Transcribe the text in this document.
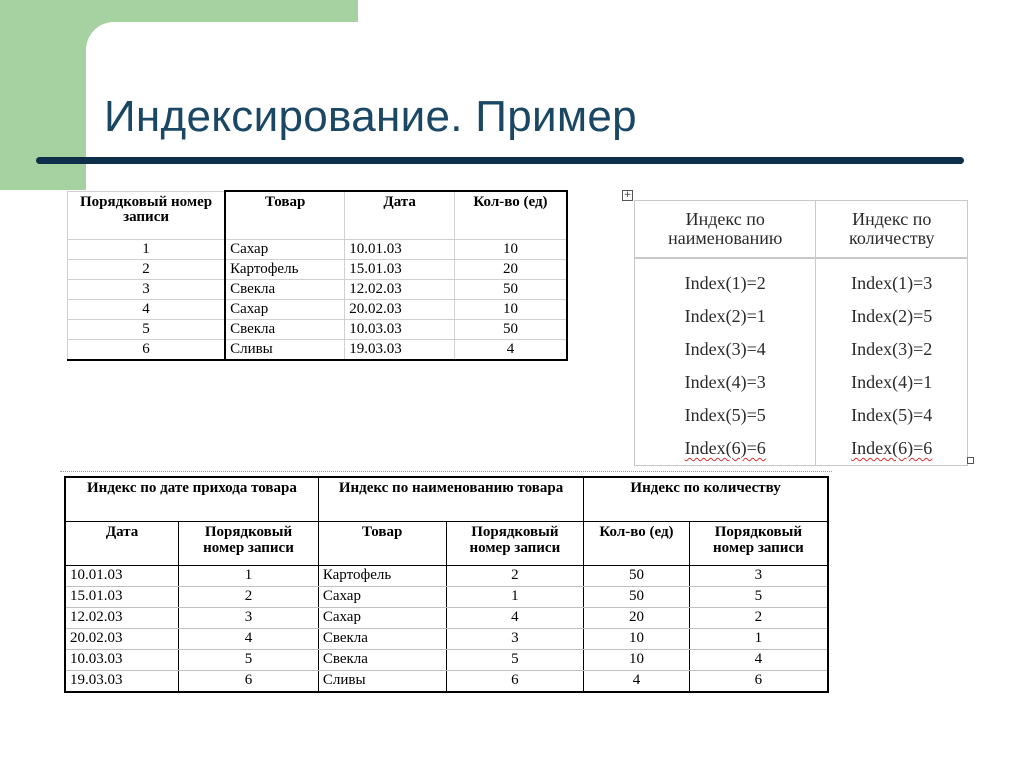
Индексирование. Пример
Порядковый номер записи	Товар	Дата	Кол-во (ед)
1	Сахар	10.01.03	10
2	Картофель	15.01.03	20
3	Свекла	12.02.03	50
4	Сахар	20.02.03	10
5	Свекла	10.03.03	50
6	Сливы	19.03.03	4
+
Индекс по наименованию	Индекс по количеству
Index(1)=2	Index(1)=3
Index(2)=1	Index(2)=5
Index(3)=4	Index(3)=2
Index(4)=3	Index(4)=1
Index(5)=5	Index(5)=4
Index(6)=6	Index(6)=6
Индекс по дате прихода товара		Индекс по наименованию товара		Индекс по количеству	
Дата	Порядковый номер записи	Товар	Порядковый номер записи	Кол-во (ед)	Порядковый номер записи
10.01.03	1	Картофель	2	50	3
15.01.03	2	Сахар	1	50	5
12.02.03	3	Сахар	4	20	2
20.02.03	4	Свекла	3	10	1
10.03.03	5	Свекла	5	10	4
19.03.03	6	Сливы	6	4	6
